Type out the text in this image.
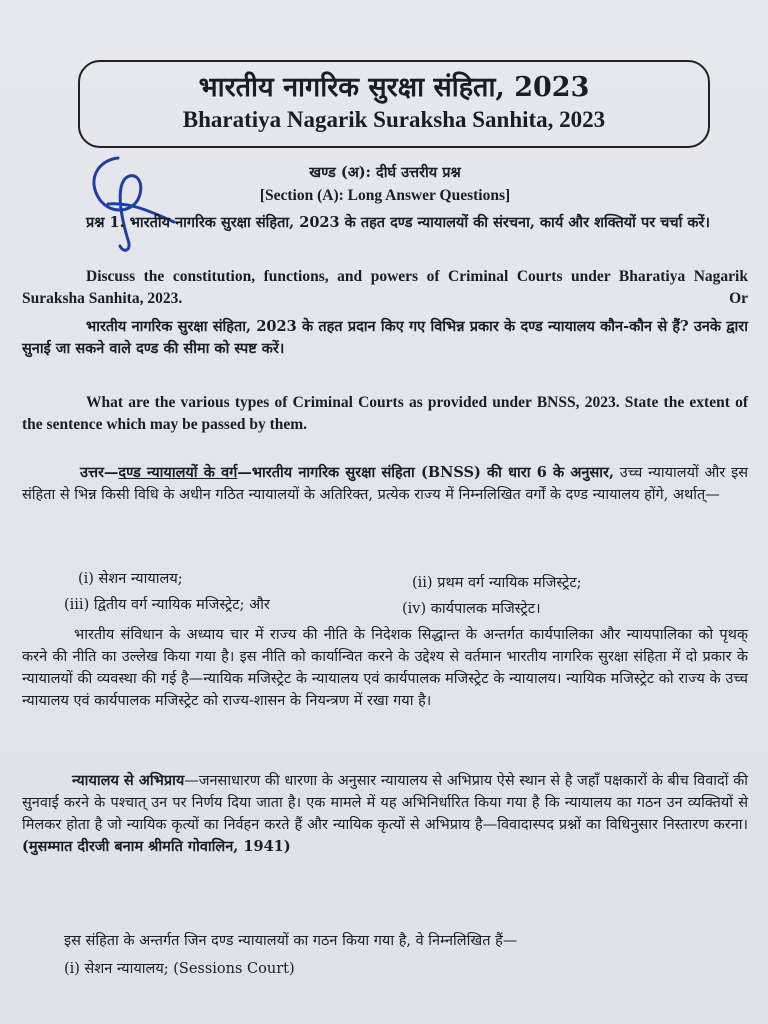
भारतीय नागरिक सुरक्षा संहिता, 2023
Bharatiya Nagarik Suraksha Sanhita, 2023
खण्ड (अ): दीर्घ उत्तरीय प्रश्न
[Section (A): Long Answer Questions]
प्रश्न 1. भारतीय नागरिक सुरक्षा संहिता, 2023 के तहत दण्ड न्यायालयों की संरचना, कार्य और शक्तियों पर चर्चा करें।
Discuss the constitution, functions, and powers of Criminal Courts under Bharatiya Nagarik Suraksha Sanhita, 2023.	Or
भारतीय नागरिक सुरक्षा संहिता, 2023 के तहत प्रदान किए गए विभिन्न प्रकार के दण्ड न्यायालय कौन-कौन से हैं? उनके द्वारा सुनाई जा सकने वाले दण्ड की सीमा को स्पष्ट करें।
What are the various types of Criminal Courts as provided under BNSS, 2023. State the extent of the sentence which may be passed by them.
उत्तर—दण्ड न्यायालयों के वर्ग—भारतीय नागरिक सुरक्षा संहिता (BNSS) की धारा 6 के अनुसार, उच्च न्यायालयों और इस संहिता से भिन्न किसी विधि के अधीन गठित न्यायालयों के अतिरिक्त, प्रत्येक राज्य में निम्नलिखित वर्गों के दण्ड न्यायालय होंगे, अर्थात्—
(i) सेशन न्यायालय;	(ii) प्रथम वर्ग न्यायिक मजिस्ट्रेट;
(iii) द्वितीय वर्ग न्यायिक मजिस्ट्रेट; और	(iv) कार्यपालक मजिस्ट्रेट।
भारतीय संविधान के अध्याय चार में राज्य की नीति के निदेशक सिद्धान्त के अन्तर्गत कार्यपालिका और न्यायपालिका को पृथक् करने की नीति का उल्लेख किया गया है। इस नीति को कार्यान्वित करने के उद्देश्य से वर्तमान भारतीय नागरिक सुरक्षा संहिता में दो प्रकार के न्यायालयों की व्यवस्था की गई है—न्यायिक मजिस्ट्रेट के न्यायालय एवं कार्यपालक मजिस्ट्रेट के न्यायालय। न्यायिक मजिस्ट्रेट को राज्य के उच्च न्यायालय एवं कार्यपालक मजिस्ट्रेट को राज्य-शासन के नियन्त्रण में रखा गया है।
न्यायालय से अभिप्राय—जनसाधारण की धारणा के अनुसार न्यायालय से अभिप्राय ऐसे स्थान से है जहाँ पक्षकारों के बीच विवादों की सुनवाई करने के पश्चात् उन पर निर्णय दिया जाता है। एक मामले में यह अभिनिर्धारित किया गया है कि न्यायालय का गठन उन व्यक्तियों से मिलकर होता है जो न्यायिक कृत्यों का निर्वहन करते हैं और न्यायिक कृत्यों से अभिप्राय है—विवादास्पद प्रश्नों का विधिनुसार निस्तारण करना। (मुसम्मात दीरजी बनाम श्रीमति गोवालिन, 1941)
इस संहिता के अन्तर्गत जिन दण्ड न्यायालयों का गठन किया गया है, वे निम्नलिखित हैं—
(i) सेशन न्यायालय; (Sessions Court)
